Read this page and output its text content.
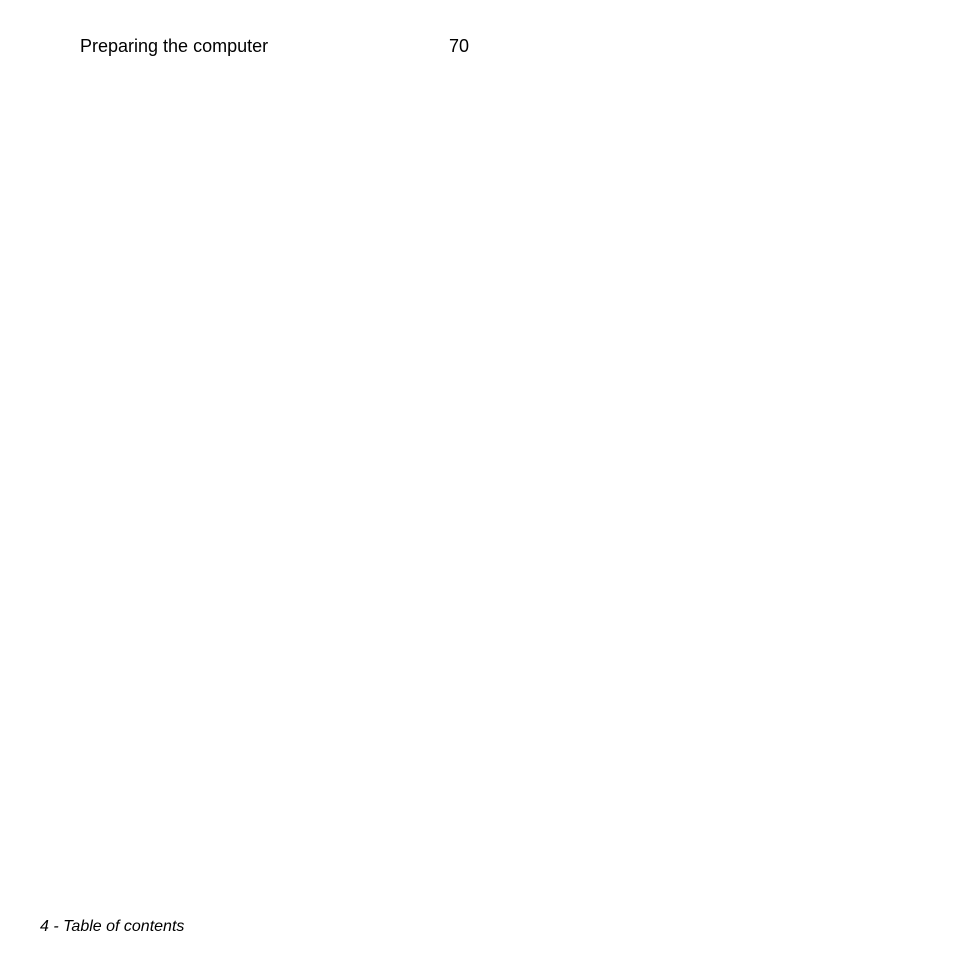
Preparing the computer	70
4 - Table of contents
